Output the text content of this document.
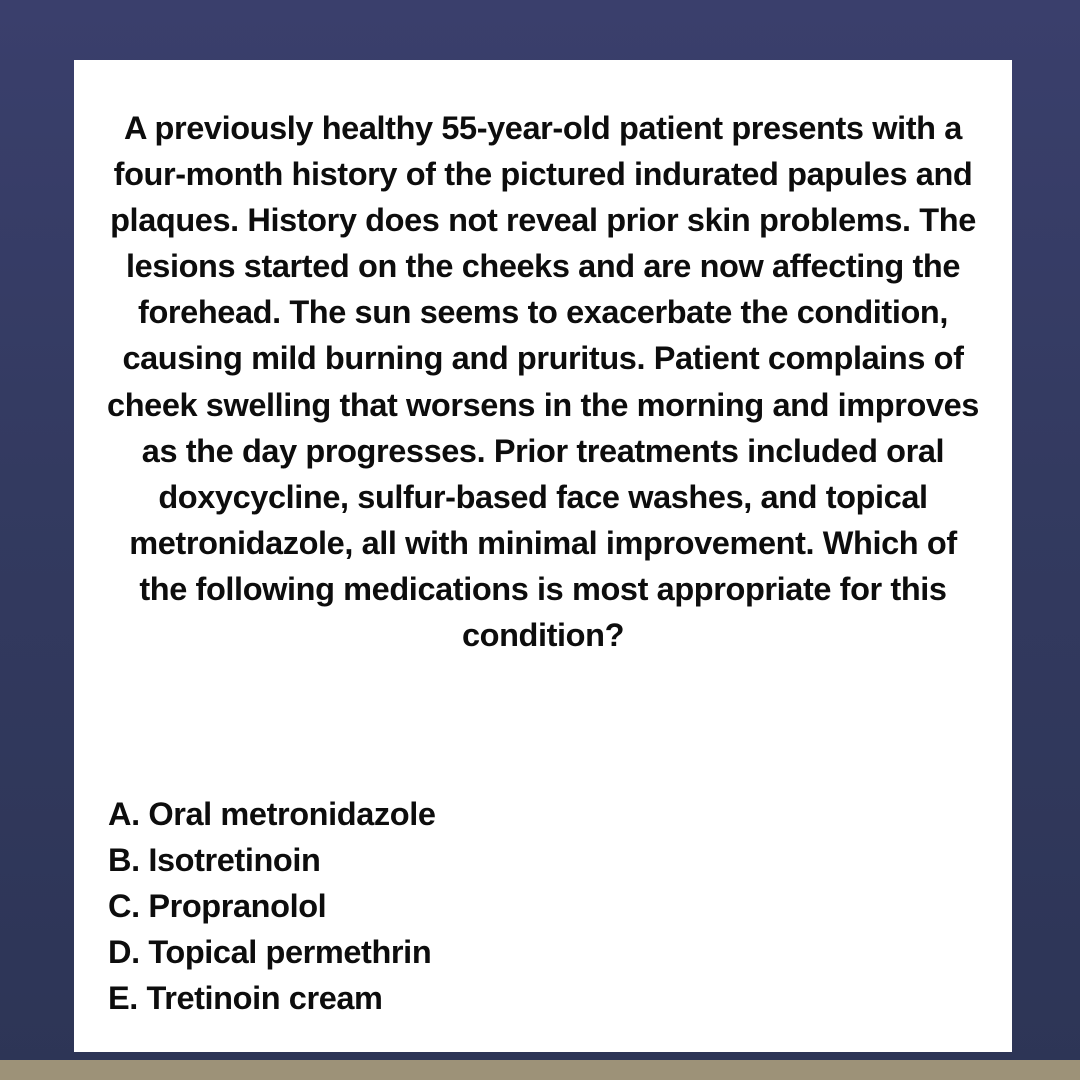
A previously healthy 55-year-old patient presents with a four-month history of the pictured indurated papules and plaques. History does not reveal prior skin problems. The lesions started on the cheeks and are now affecting the forehead. The sun seems to exacerbate the condition, causing mild burning and pruritus. Patient complains of cheek swelling that worsens in the morning and improves as the day progresses. Prior treatments included oral doxycycline, sulfur-based face washes, and topical metronidazole, all with minimal improvement. Which of the following medications is most appropriate for this condition?

A. Oral metronidazole
B. Isotretinoin
C. Propranolol
D. Topical permethrin
E. Tretinoin cream
